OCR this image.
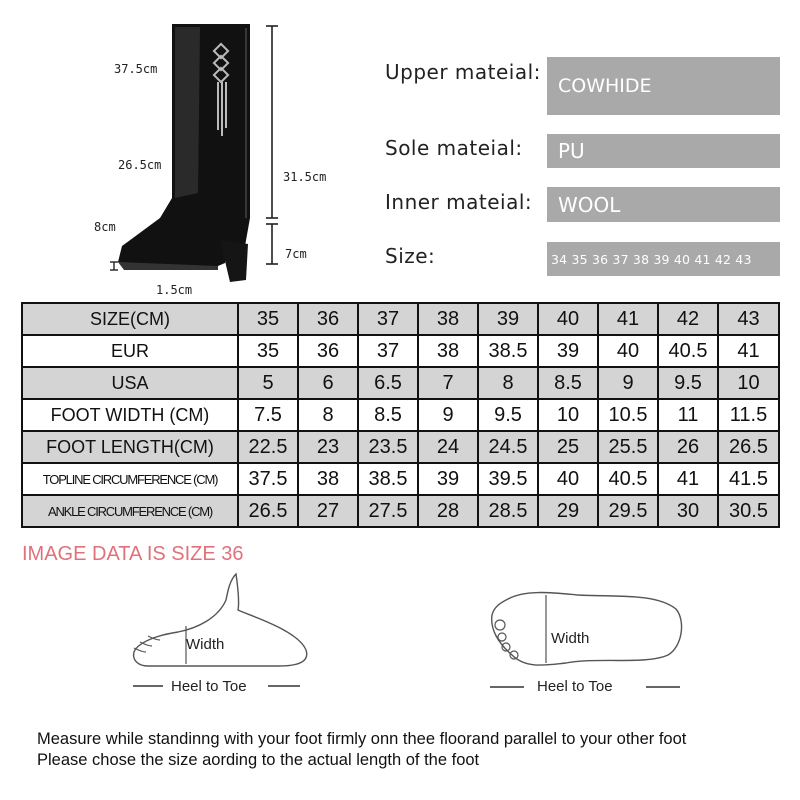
37.5cm
26.5cm
31.5cm
8cm
7cm
1.5cm
Upper mateial:
COWHIDE
Sole mateial:	PU
Inner mateial:	WOOL
Size:	34 35 36 37 38 39 40 41 42 43
SIZE(CM)	35	36	37	38	39	40	41	42	43
EUR	35	36	37	38	38.5	39	40	40.5	41
USA	5	6	6.5	7	8	8.5	9	9.5	10
FOOT WIDTH (CM)	7.5	8	8.5	9	9.5	10	10.5	11	11.5
FOOT LENGTH(CM)	22.5	23	23.5	24	24.5	25	25.5	26	26.5
TOPLINE CIRCUMFERENCE (CM)	37.5	38	38.5	39	39.5	40	40.5	41	41.5
ANKLE CIRCUMFERENCE (CM)	26.5	27	27.5	28	28.5	29	29.5	30	30.5
IMAGE DATA IS SIZE 36
Width
Heel to Toe
Width
Heel to Toe
Measure while standinng with your foot firmly onn thee floorand parallel to your other foot
Please chose the size aording to the actual length of the foot
